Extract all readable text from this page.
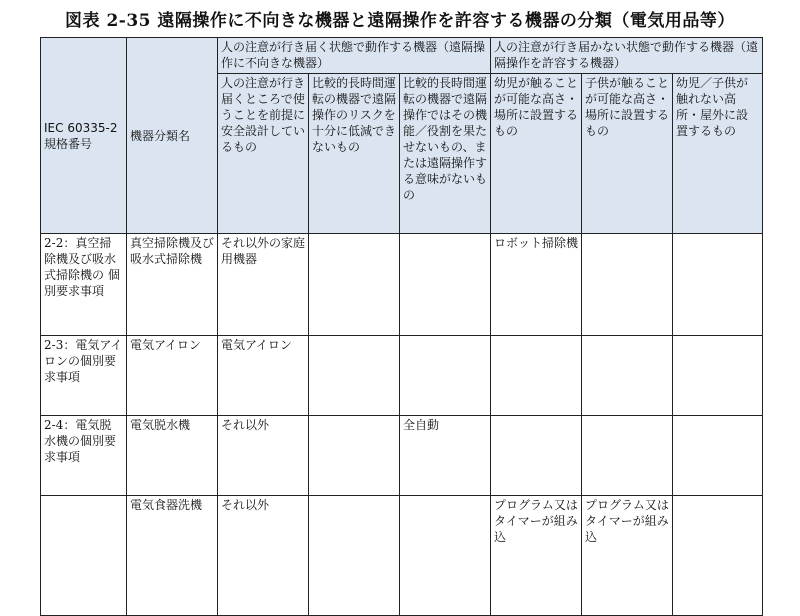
図表 2-35 遠隔操作に不向きな機器と遠隔操作を許容する機器の分類（電気用品等）
IEC 60335-2
規格番号	機器分類名	人の注意が行き届く状態で動作する機器（遠隔操作に不向きな機器）			人の注意が行き届かない状態で動作する機器（遠隔操作を許容する機器）		
		人の注意が行き届くところで使うことを前提に安全設計しているもの	比較的長時間運転の機器で遠隔操作のリスクを十分に低減できないもの	比較的長時間運転の機器で遠隔操作ではその機能／役割を果たせないもの、または遠隔操作する意味がないもの	幼児が触ることが可能な高さ・場所に設置するもの	子供が触ることが可能な高さ・場所に設置するもの	幼児／子供が触れない高所・屋外に設置するもの
2-2：真空掃除機及び吸水式掃除機の 個別要求事項	真空掃除機及び吸水式掃除機	それ以外の家庭用機器			ロボット掃除機		
2-3：電気アイロンの個別要求事項	電気アイロン	電気アイロン					
2-4：電気脱水機の個別要求事項	電気脱水機	それ以外		全自動			
	電気食器洗機	それ以外			プログラム又はタイマーが組み込	プログラム又はタイマーが組み込	
